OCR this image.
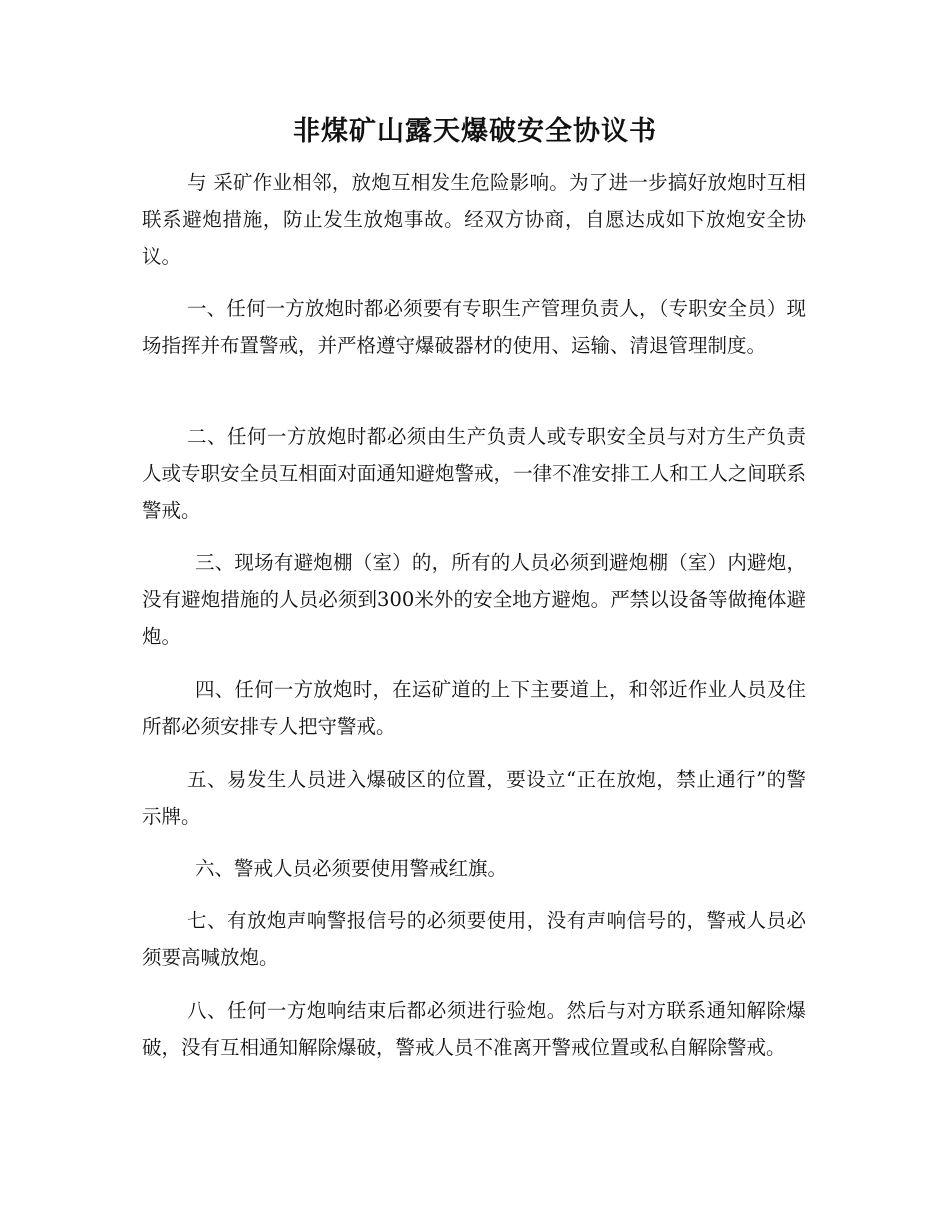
非煤矿山露天爆破安全协议书

与 采矿作业相邻，放炮互相发生危险影响。为了进一步搞好放炮时互相联系避炮措施，防止发生放炮事故。经双方协商，自愿达成如下放炮安全协议。

一、任何一方放炮时都必须要有专职生产管理负责人，（专职安全员）现场指挥并布置警戒，并严格遵守爆破器材的使用、运输、清退管理制度。

二、任何一方放炮时都必须由生产负责人或专职安全员与对方生产负责人或专职安全员互相面对面通知避炮警戒，一律不准安排工人和工人之间联系警戒。

三、现场有避炮棚（室）的，所有的人员必须到避炮棚（室）内避炮，没有避炮措施的人员必须到300米外的安全地方避炮。严禁以设备等做掩体避炮。

四、任何一方放炮时，在运矿道的上下主要道上，和邻近作业人员及住所都必须安排专人把守警戒。

五、易发生人员进入爆破区的位置，要设立“正在放炮，禁止通行”的警示牌。

六、警戒人员必须要使用警戒红旗。

七、有放炮声响警报信号的必须要使用，没有声响信号的，警戒人员必须要高喊放炮。

八、任何一方炮响结束后都必须进行验炮。然后与对方联系通知解除爆破，没有互相通知解除爆破，警戒人员不准离开警戒位置或私自解除警戒。
